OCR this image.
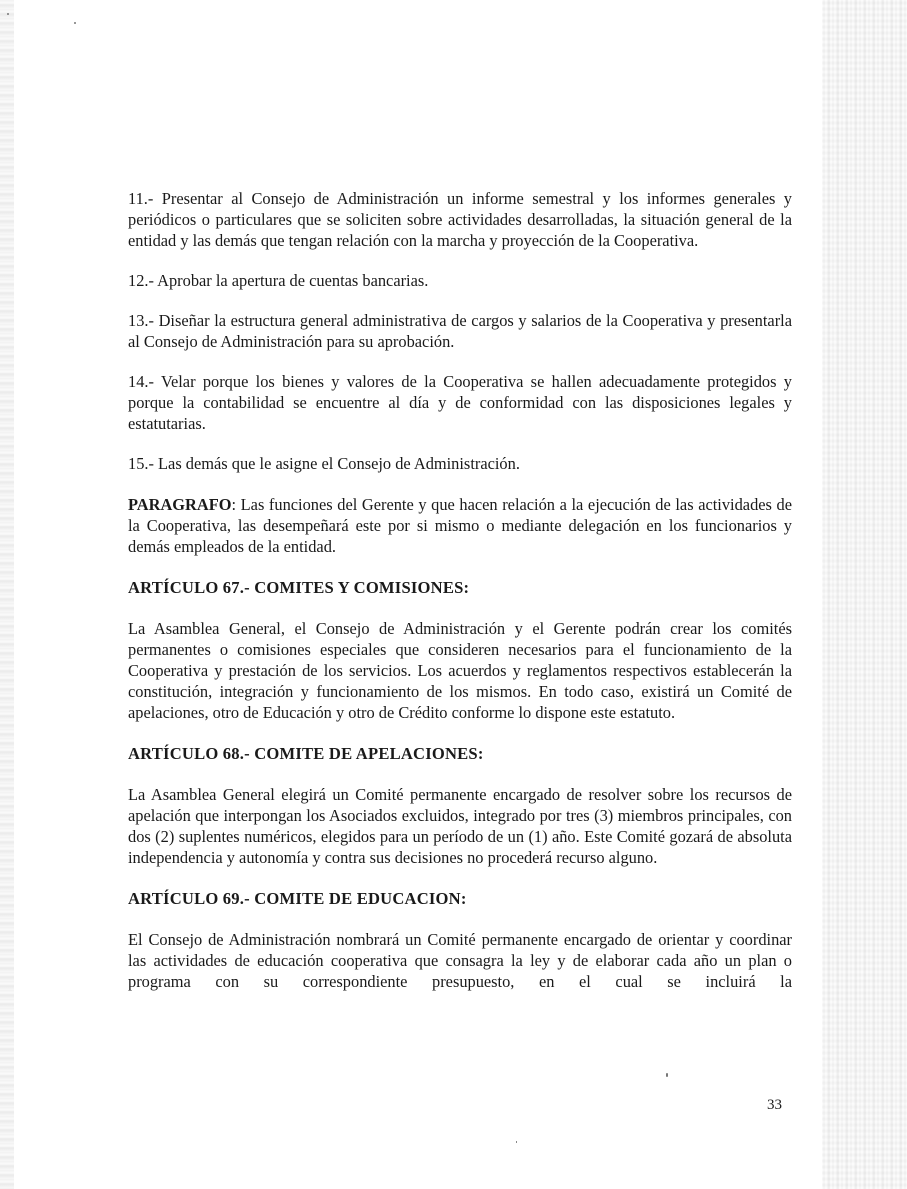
11.- Presentar al Consejo de Administración un informe semestral y los informes generales y periódicos o particulares que se soliciten sobre actividades desarrolladas, la situación general de la entidad y las demás que tengan relación con la marcha y proyección de la Cooperativa.

12.- Aprobar la apertura de cuentas bancarias.

13.- Diseñar la estructura general administrativa de cargos y salarios de la Cooperativa y presentarla al Consejo de Administración para su aprobación.

14.- Velar porque los bienes y valores de la Cooperativa se hallen adecuadamente protegidos y porque la contabilidad se encuentre al día y de conformidad con las disposiciones legales y estatutarias.

15.- Las demás que le asigne el Consejo de Administración.

PARAGRAFO: Las funciones del Gerente y que hacen relación a la ejecución de las actividades de la Cooperativa, las desempeñará este por si mismo o mediante delegación en los funcionarios y demás empleados de la entidad.

ARTÍCULO 67.- COMITES Y COMISIONES:

La Asamblea General, el Consejo de Administración y el Gerente podrán crear los comités permanentes o comisiones especiales que consideren necesarios para el funcionamiento de la Cooperativa y prestación de los servicios. Los acuerdos y reglamentos respectivos establecerán la constitución, integración y funcionamiento de los mismos. En todo caso, existirá un Comité de apelaciones, otro de Educación y otro de Crédito conforme lo dispone este estatuto.

ARTÍCULO 68.- COMITE DE APELACIONES:

La Asamblea General elegirá un Comité permanente encargado de resolver sobre los recursos de apelación que interpongan los Asociados excluidos, integrado por tres (3) miembros principales, con dos (2) suplentes numéricos, elegidos para un período de un (1) año. Este Comité gozará de absoluta independencia y autonomía y contra sus decisiones no procederá recurso alguno.

ARTÍCULO 69.- COMITE DE EDUCACION:

El Consejo de Administración nombrará un Comité permanente encargado de orientar y coordinar las actividades de educación cooperativa que consagra la ley y de elaborar cada año un plan o programa con su correspondiente presupuesto, en el cual se incluirá la

33
